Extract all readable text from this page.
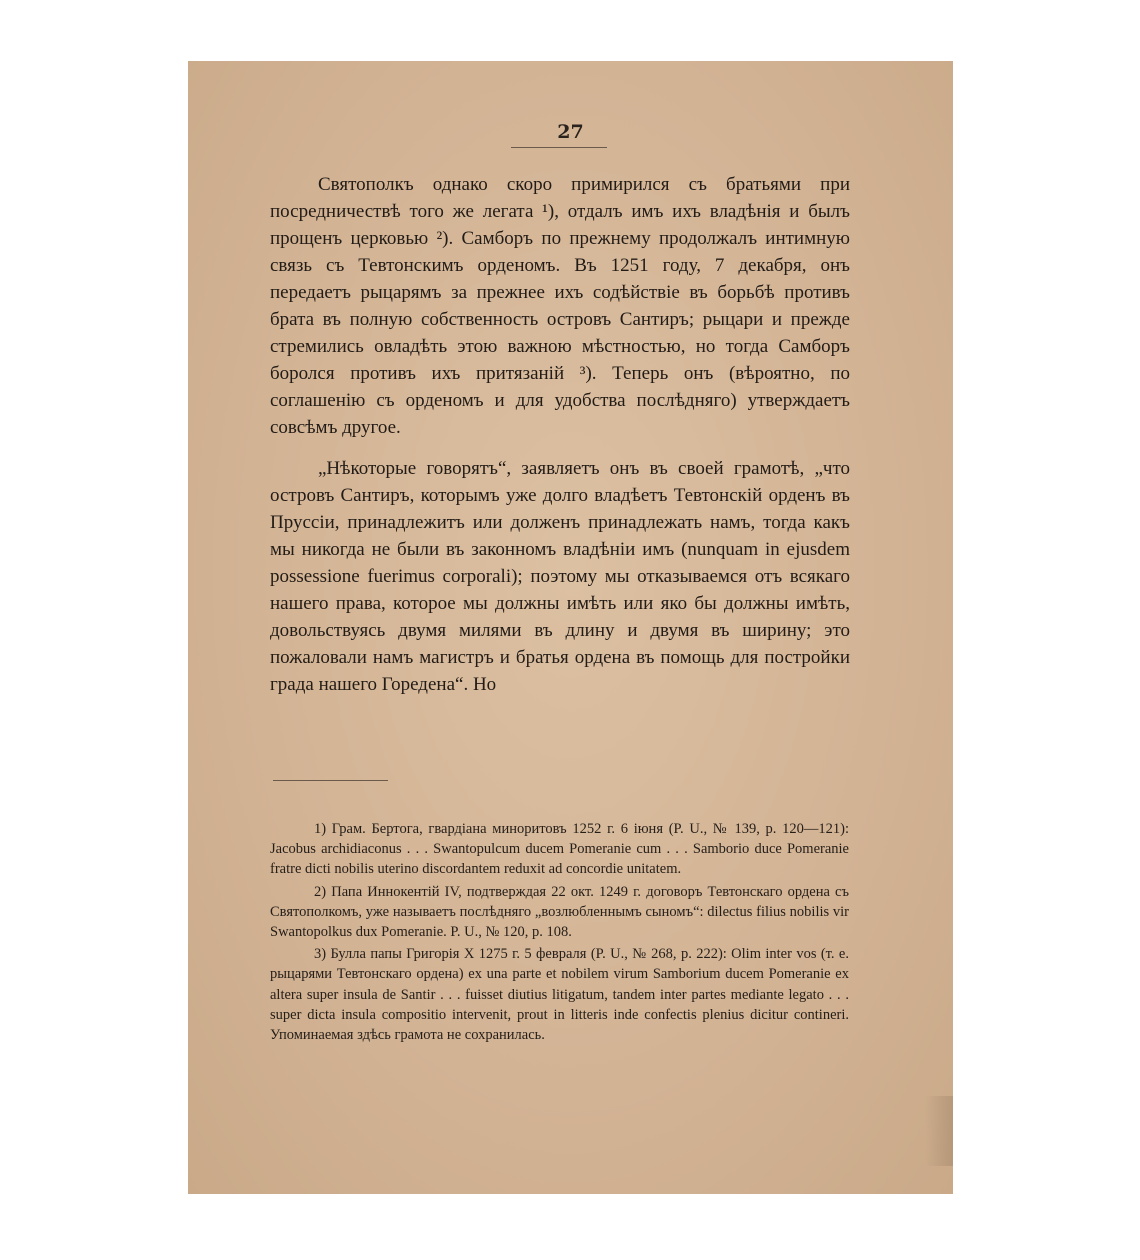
27

Святополкъ однако скоро примирился съ братьями при посредничествѣ того же легата ¹), отдалъ имъ ихъ владѣнія и былъ прощенъ церковью ²). Самборъ по прежнему продолжалъ интимную связь съ Тевтонскимъ орденомъ. Въ 1251 году, 7 декабря, онъ передаетъ рыцарямъ за прежнее ихъ содѣйствіе въ борьбѣ противъ брата въ полную собственность островъ Сантиръ; рыцари и прежде стремились овладѣть этою важною мѣстностью, но тогда Самборъ боролся противъ ихъ притязаній ³). Теперь онъ (вѣроятно, по соглашенію съ орденомъ и для удобства послѣдняго) утверждаетъ совсѣмъ другое.

„Нѣкоторые говорятъ“, заявляетъ онъ въ своей грамотѣ, „что островъ Сантиръ, которымъ уже долго владѣетъ Тевтонскій орденъ въ Пруссіи, принадлежитъ или долженъ принадлежать намъ, тогда какъ мы никогда не были въ законномъ владѣніи имъ (nunquam in ejusdem possessione fuerimus corporali); поэтому мы отказываемся отъ всякаго нашего права, которое мы должны имѣть или яко бы должны имѣть, довольствуясь двумя милями въ длину и двумя въ ширину; это пожаловали намъ магистръ и братья ордена въ помощь для постройки града нашего Горедена“. Но

1) Грам. Бертога, гвардіана миноритовъ 1252 г. 6 іюня (P. U., № 139, p. 120—121): Jacobus archidiaconus . . . Swantopulcum ducem Pomeranie cum . . . Samborio duce Pomeranie fratre dicti nobilis uterino discordantem reduxit ad concordie unitatem.

2) Папа Иннокентій IV, подтверждая 22 окт. 1249 г. договоръ Тевтонскаго ордена съ Святополкомъ, уже называетъ послѣдняго „возлюбленнымъ сыномъ“: dilectus filius nobilis vir Swantopolkus dux Pomeranie. P. U., № 120, p. 108.

3) Булла папы Григорія X 1275 г. 5 февраля (P. U., № 268, p. 222): Olim inter vos (т. е. рыцарями Тевтонскаго ордена) ex una parte et nobilem virum Samborium ducem Pomeranie ex altera super insula de Santir . . . fuisset diutius litigatum, tandem inter partes mediante legato . . . super dicta insula compositio intervenit, prout in litteris inde confectis plenius dicitur contineri. Упоминаемая здѣсь грамота не сохранилась.
